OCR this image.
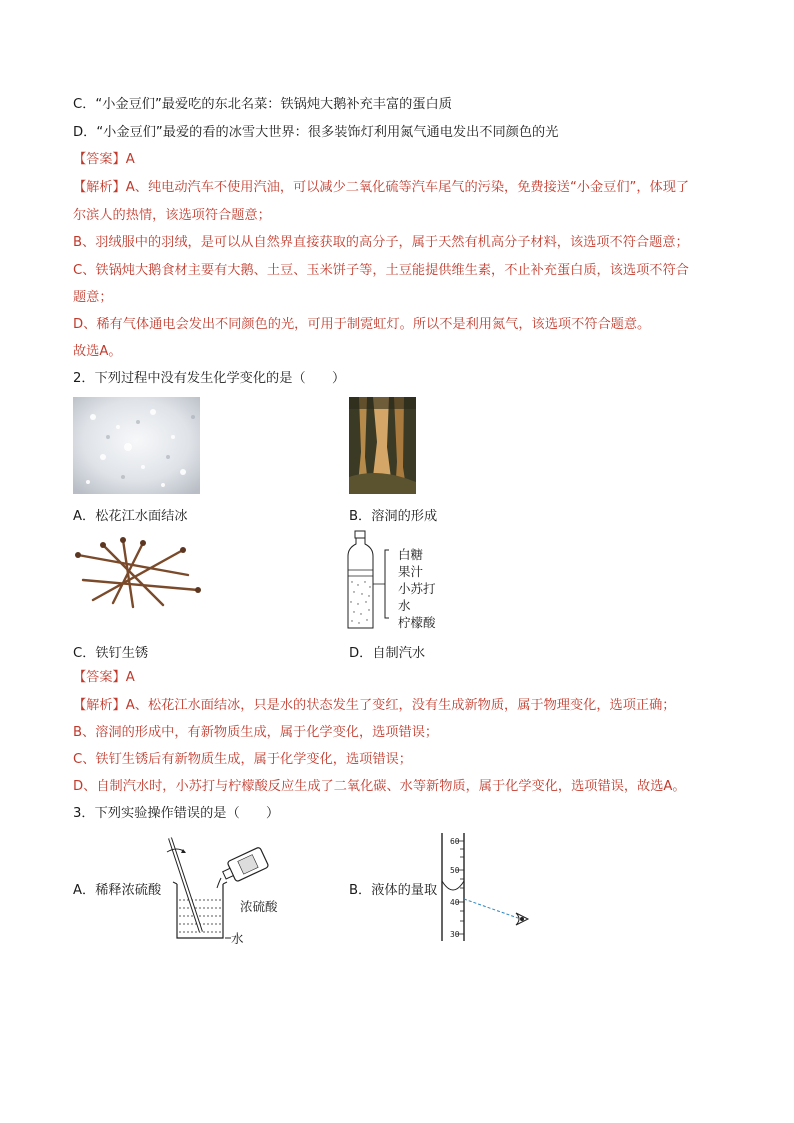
C．“小金豆们”最爱吃的东北名菜：铁锅炖大鹅补充丰富的蛋白质
D．“小金豆们”最爱的看的冰雪大世界：很多装饰灯利用氮气通电发出不同颜色的光
【答案】A
【解析】A、纯电动汽车不使用汽油，可以减少二氧化硫等汽车尾气的污染，免费接送“小金豆们”，体现了
尔滨人的热情，该选项符合题意；
B、羽绒服中的羽绒，是可以从自然界直接获取的高分子，属于天然有机高分子材料，该选项不符合题意；
C、铁锅炖大鹅食材主要有大鹅、土豆、玉米饼子等，土豆能提供维生素，不止补充蛋白质，该选项不符合
题意；
D、稀有气体通电会发出不同颜色的光，可用于制霓虹灯。所以不是利用氮气，该选项不符合题意。
故选A。
2．下列过程中没有发生化学变化的是（　　）
A．松花江水面结冰	B．溶洞的形成
C．铁钉生锈
白糖
果汁
小苏打
水
柠檬酸
D．自制汽水
【答案】A
【解析】A、松花江水面结冰，只是水的状态发生了变红，没有生成新物质，属于物理变化，选项正确；
B、溶洞的形成中，有新物质生成，属于化学变化，选项错误；
C、铁钉生锈后有新物质生成，属于化学变化，选项错误；
D、自制汽水时，小苏打与柠檬酸反应生成了二氧化碳、水等新物质，属于化学变化，选项错误，故选A。
3．下列实验操作错误的是（　　）
A．稀释浓硫酸
浓硫酸
水
B．液体的量取
60
50
40
30
